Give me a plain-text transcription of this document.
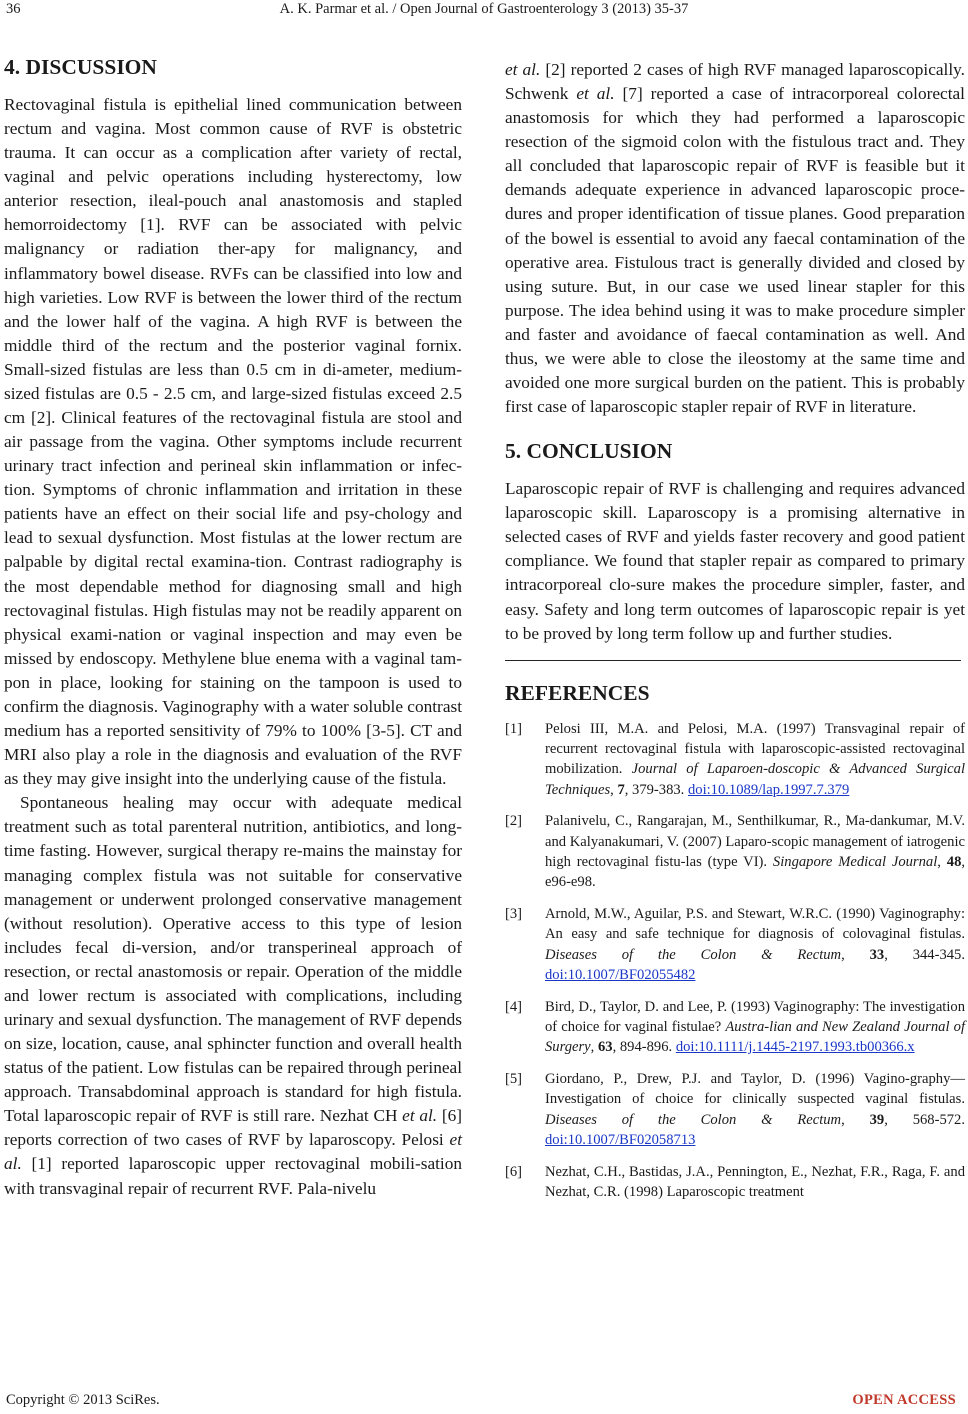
36	A. K. Parmar et al. / Open Journal of Gastroenterology 3 (2013) 35-37
4. DISCUSSION

Rectovaginal fistula is epithelial lined communication between rectum and vagina. Most common cause of RVF is obstetric trauma. It can occur as a complication after variety of rectal, vaginal and pelvic operations including hysterectomy, low anterior resection, ileal-pouch anal anastomosis and stapled hemorroidectomy [1]. RVF can be associated with pelvic malignancy or radiation ther-apy for malignancy, and inflammatory bowel disease. RVFs can be classified into low and high varieties. Low RVF is between the lower third of the rectum and the lower half of the vagina. A high RVF is between the middle third of the rectum and the posterior vaginal fornix. Small-sized fistulas are less than 0.5 cm in di-ameter, medium-sized fistulas are 0.5 - 2.5 cm, and large-sized fistulas exceed 2.5 cm [2]. Clinical features of the rectovaginal fistula are stool and air passage from the vagina. Other symptoms include recurrent urinary tract infection and perineal skin inflammation or infec-tion. Symptoms of chronic inflammation and irritation in these patients have an effect on their social life and psy-chology and lead to sexual dysfunction. Most fistulas at the lower rectum are palpable by digital rectal examina-tion. Contrast radiography is the most dependable method for diagnosing small and high rectovaginal fistulas. High fistulas may not be readily apparent on physical exami-nation or vaginal inspection and may even be missed by endoscopy. Methylene blue enema with a vaginal tam-pon in place, looking for staining on the tampoon is used to confirm the diagnosis. Vaginography with a water soluble contrast medium has a reported sensitivity of 79% to 100% [3-5]. CT and MRI also play a role in the diagnosis and evaluation of the RVF as they may give insight into the underlying cause of the fistula.

Spontaneous healing may occur with adequate medical treatment such as total parenteral nutrition, antibiotics, and long-time fasting. However, surgical therapy re-mains the mainstay for managing complex fistula was not suitable for conservative management or underwent prolonged conservative management (without resolution). Operative access to this type of lesion includes fecal di-version, and/or transperineal approach of resection, or rectal anastomosis or repair. Operation of the middle and lower rectum is associated with complications, including urinary and sexual dysfunction. The management of RVF depends on size, location, cause, anal sphincter function and overall health status of the patient. Low fistulas can be repaired through perineal approach. Transabdominal approach is standard for high fistula. Total laparoscopic repair of RVF is still rare. Nezhat CH et al. [6] reports correction of two cases of RVF by laparoscopy. Pelosi et al. [1] reported laparoscopic upper rectovaginal mobili-sation with transvaginal repair of recurrent RVF. Pala-nivelu

et al. [2] reported 2 cases of high RVF managed laparoscopically. Schwenk et al. [7] reported a case of intracorporeal colorectal anastomosis for which they had performed a laparoscopic resection of the sigmoid colon with the fistulous tract and. They all concluded that laparoscopic repair of RVF is feasible but it demands adequate experience in advanced laparoscopic proce-dures and proper identification of tissue planes. Good preparation of the bowel is essential to avoid any faecal contamination of the operative area. Fistulous tract is generally divided and closed by using suture. But, in our case we used linear stapler for this purpose. The idea behind using it was to make procedure simpler and faster and avoidance of faecal contamination as well. And thus, we were able to close the ileostomy at the same time and avoided one more surgical burden on the patient. This is probably first case of laparoscopic stapler repair of RVF in literature.

5. CONCLUSION

Laparoscopic repair of RVF is challenging and requires advanced laparoscopic skill. Laparoscopy is a promising alternative in selected cases of RVF and yields faster recovery and good patient compliance. We found that stapler repair as compared to primary intracorporeal clo-sure makes the procedure simpler, faster, and easy. Safety and long term outcomes of laparoscopic repair is yet to be proved by long term follow up and further studies.

REFERENCES
[1] Pelosi III, M.A. and Pelosi, M.A. (1997) Transvaginal repair of recurrent rectovaginal fistula with laparoscopic-assisted rectovaginal mobilization. Journal of Laparoen-doscopic & Advanced Surgical Techniques, 7, 379-383. doi:10.1089/lap.1997.7.379
[2] Palanivelu, C., Rangarajan, M., Senthilkumar, R., Ma-dankumar, M.V. and Kalyanakumari, V. (2007) Laparo-scopic management of iatrogenic high rectovaginal fistu-las (type VI). Singapore Medical Journal, 48, e96-e98.
[3] Arnold, M.W., Aguilar, P.S. and Stewart, W.R.C. (1990) Vaginography: An easy and safe technique for diagnosis of colovaginal fistulas. Diseases of the Colon & Rectum, 33, 344-345. doi:10.1007/BF02055482
[4] Bird, D., Taylor, D. and Lee, P. (1993) Vaginography: The investigation of choice for vaginal fistulae? Austra-lian and New Zealand Journal of Surgery, 63, 894-896. doi:10.1111/j.1445-2197.1993.tb00366.x
[5] Giordano, P., Drew, P.J. and Taylor, D. (1996) Vagino-graphy—Investigation of choice for clinically suspected vaginal fistulas. Diseases of the Colon & Rectum, 39, 568-572. doi:10.1007/BF02058713
[6] Nezhat, C.H., Bastidas, J.A., Pennington, E., Nezhat, F.R., Raga, F. and Nezhat, C.R. (1998) Laparoscopic treatment
Copyright © 2013 SciRes.	OPEN ACCESS
